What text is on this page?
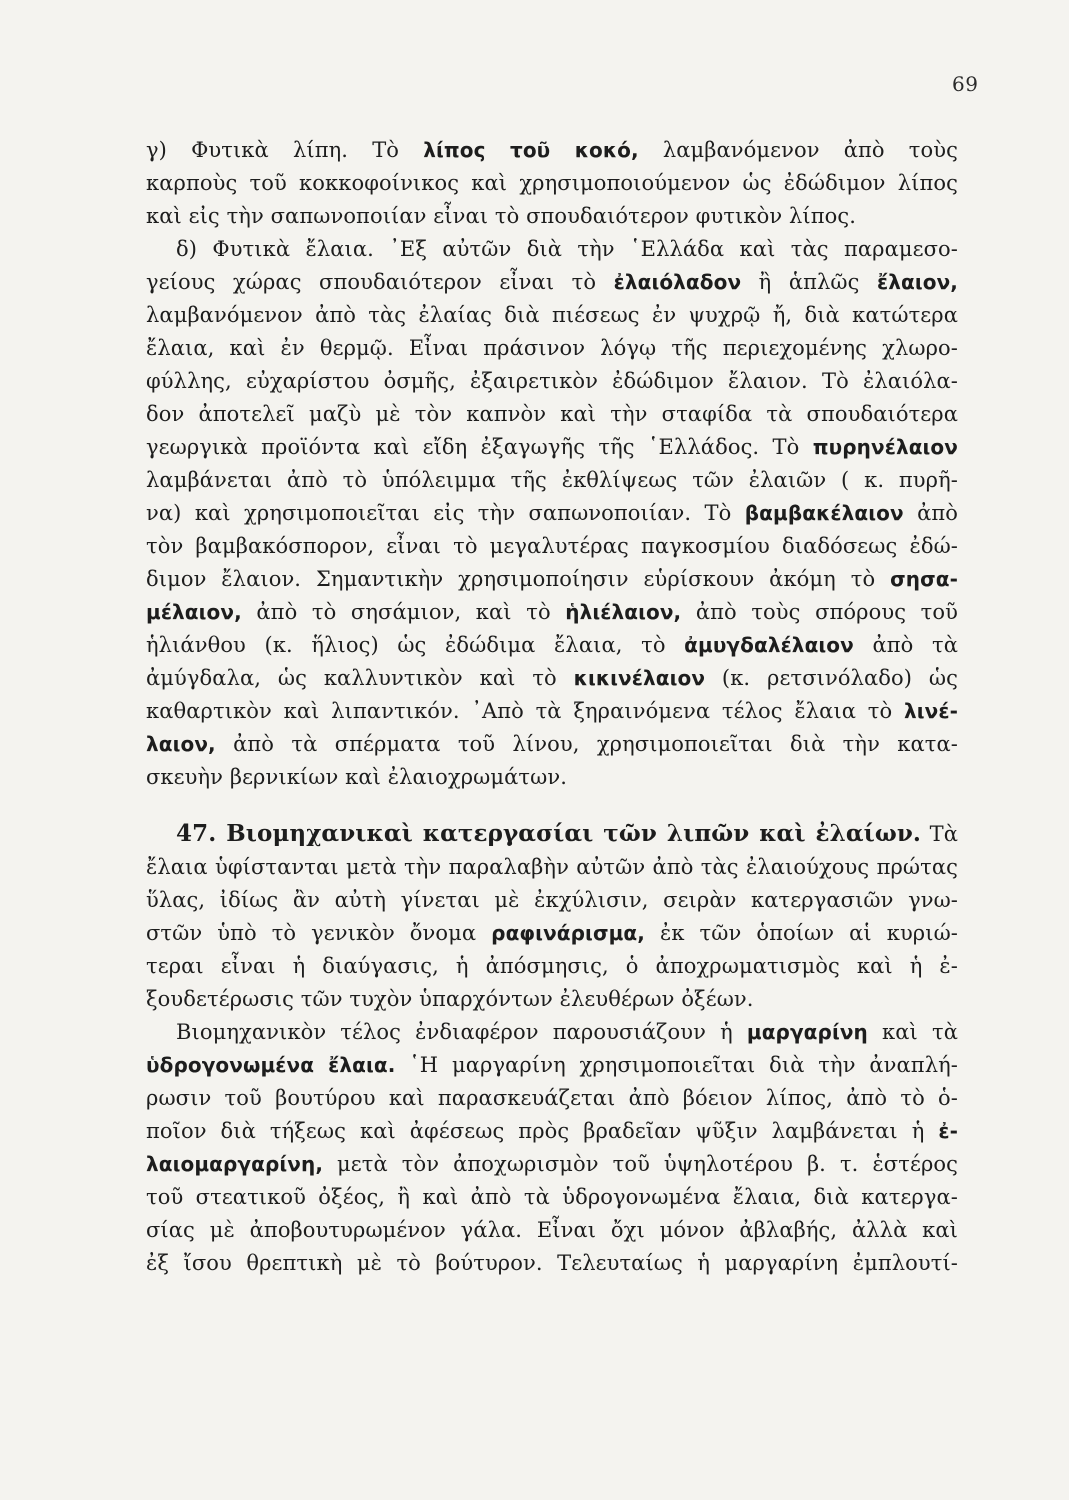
69
γ) Φυτικὰ λίπη. Τὸ λίπος τοῦ κοκό, λαμβανόμενον ἀπὸ τοὺς
καρποὺς τοῦ κοκκοφοίνικος καὶ χρησιμοποιούμενον ὡς ἐδώδιμον λίπος
καὶ εἰς τὴν σαπωνοποιίαν εἶναι τὸ σπουδαιότερον φυτικὸν λίπος.
δ) Φυτικὰ ἔλαια. ᾿Εξ αὐτῶν διὰ τὴν ῾Ελλάδα καὶ τὰς παραμεσο-
γείους χώρας σπουδαιότερον εἶναι τὸ ἐλαιόλαδον ἢ ἁπλῶς ἔλαιον,
λαμβανόμενον ἀπὸ τὰς ἐλαίας διὰ πιέσεως ἐν ψυχρῷ ἤ, διὰ κατώτερα
ἔλαια, καὶ ἐν θερμῷ. Εἶναι πράσινον λόγῳ τῆς περιεχομένης χλωρο-
φύλλης, εὐχαρίστου ὀσμῆς, ἐξαιρετικὸν ἐδώδιμον ἔλαιον. Τὸ ἐλαιόλα-
δον ἀποτελεῖ μαζὺ μὲ τὸν καπνὸν καὶ τὴν σταφίδα τὰ σπουδαιότερα
γεωργικὰ προϊόντα καὶ εἴδη ἐξαγωγῆς τῆς ῾Ελλάδος. Τὸ πυρηνέλαιον
λαμβάνεται ἀπὸ τὸ ὑπόλειμμα τῆς ἐκθλίψεως τῶν ἐλαιῶν ( κ. πυρῆ-
να) καὶ χρησιμοποιεῖται εἰς τὴν σαπωνοποιίαν. Τὸ βαμβακέλαιον ἀπὸ
τὸν βαμβακόσπορον, εἶναι τὸ μεγαλυτέρας παγκοσμίου διαδόσεως ἐδώ-
διμον ἔλαιον. Σημαντικὴν χρησιμοποίησιν εὑρίσκουν ἀκόμη τὸ σησα-
μέλαιον, ἀπὸ τὸ σησάμιον, καὶ τὸ ἡλιέλαιον, ἀπὸ τοὺς σπόρους τοῦ
ἡλιάνθου (κ. ἥλιος) ὡς ἐδώδιμα ἔλαια, τὸ ἀμυγδαλέλαιον ἀπὸ τὰ
ἀμύγδαλα, ὡς καλλυντικὸν καὶ τὸ κικινέλαιον (κ. ρετσινόλαδο) ὡς
καθαρτικὸν καὶ λιπαντικόν. ᾿Απὸ τὰ ξηραινόμενα τέλος ἔλαια τὸ λινέ-
λαιον, ἀπὸ τὰ σπέρματα τοῦ λίνου, χρησιμοποιεῖται διὰ τὴν κατα-
σκευὴν βερνικίων καὶ ἐλαιοχρωμάτων.
47. Βιομηχανικαὶ κατεργασίαι τῶν λιπῶν καὶ ἐλαίων. Τὰ
ἔλαια ὑφίστανται μετὰ τὴν παραλαβὴν αὐτῶν ἀπὸ τὰς ἐλαιούχους πρώτας
ὕλας, ἰδίως ἂν αὐτὴ γίνεται μὲ ἐκχύλισιν, σειρὰν κατεργασιῶν γνω-
στῶν ὑπὸ τὸ γενικὸν ὄνομα ραφινάρισμα, ἐκ τῶν ὁποίων αἱ κυριώ-
τεραι εἶναι ἡ διαύγασις, ἡ ἀπόσμησις, ὁ ἀποχρωματισμὸς καὶ ἡ ἐ-
ξουδετέρωσις τῶν τυχὸν ὑπαρχόντων ἐλευθέρων ὀξέων.
Βιομηχανικὸν τέλος ἐνδιαφέρον παρουσιάζουν ἡ μαργαρίνη καὶ τὰ
ὑδρογονωμένα ἔλαια. ῾Η μαργαρίνη χρησιμοποιεῖται διὰ τὴν ἀναπλή-
ρωσιν τοῦ βουτύρου καὶ παρασκευάζεται ἀπὸ βόειον λίπος, ἀπὸ τὸ ὁ-
ποῖον διὰ τήξεως καὶ ἀφέσεως πρὸς βραδεῖαν ψῦξιν λαμβάνεται ἡ ἐ-
λαιομαργαρίνη, μετὰ τὸν ἀποχωρισμὸν τοῦ ὑψηλοτέρου β. τ. ἑστέρος
τοῦ στεατικοῦ ὀξέος, ἢ καὶ ἀπὸ τὰ ὑδρογονωμένα ἔλαια, διὰ κατεργα-
σίας μὲ ἀποβουτυρωμένον γάλα. Εἶναι ὄχι μόνον ἀβλαβής, ἀλλὰ καὶ
ἐξ ἴσου θρεπτικὴ μὲ τὸ βούτυρον. Τελευταίως ἡ μαργαρίνη ἐμπλουτί-
